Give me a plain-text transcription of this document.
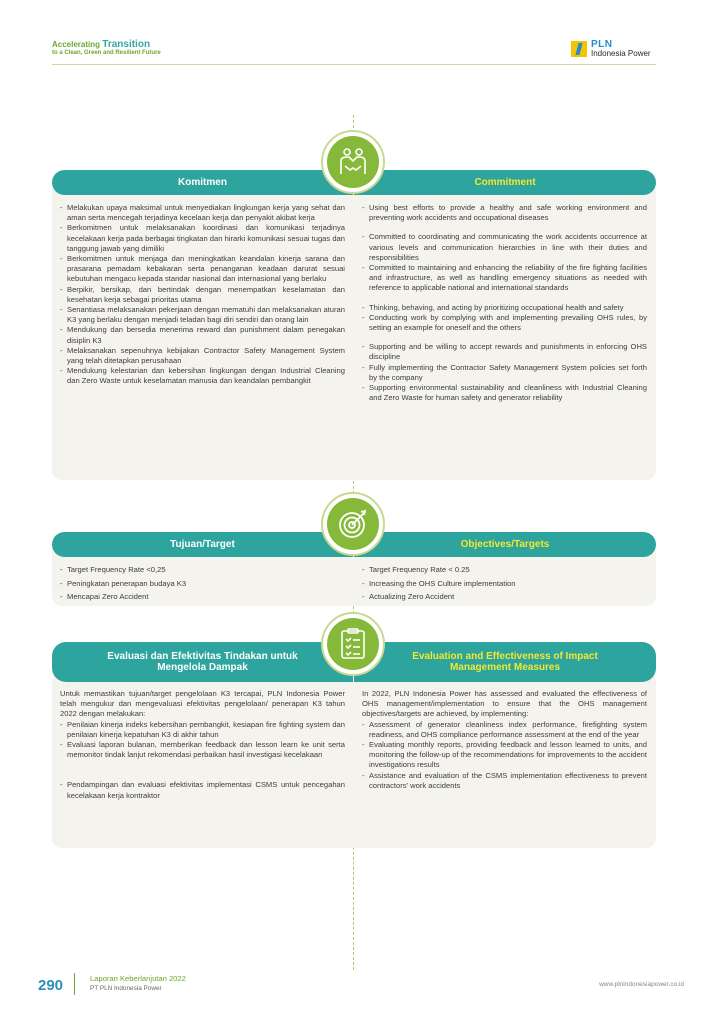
Accelerating Transition
to a Clean, Green and Resilient Future
PLN
Indonesia Power
Komitmen	Commitment
- Melakukan upaya maksimal untuk menyediakan lingkungan kerja yang sehat dan aman serta mencegah terjadinya kecelaan kerja dan penyakit akibat kerja
- Berkomitmen untuk melaksanakan koordinasi dan komunikasi terjadinya kecelakaan kerja pada berbagai tingkatan dan hirarki komunikasi sesuai tugas dan tanggung jawab yang dimiliki
- Berkomitmen untuk menjaga dan meningkatkan keandalan kinerja sarana dan prasarana pemadam kebakaran serta penanganan keadaan darurat sesuai kebutuhan mengacu kepada standar nasional dan internasional yang berlaku
- Berpikir, bersikap, dan bertindak dengan menempatkan keselamatan dan kesehatan kerja sebagai prioritas utama
- Senantiasa melaksanakan pekerjaan dengan mematuhi dan melaksanakan aturan K3 yang berlaku dengan menjadi teladan bagi diri sendiri dan orang lain
- Mendukung dan bersedia menerima reward dan punishment dalam penegakan disiplin K3
- Melaksanakan sepenuhnya kebijakan Contractor Safety Management System yang telah ditetapkan perusahaan
- Mendukung kelestarian dan kebersihan lingkungan dengan Industrial Cleaning dan Zero Waste untuk keselamatan manusia dan keandalan pembangkit
- Using best efforts to provide a healthy and safe working environment and preventing work accidents and occupational diseases
- Committed to coordinating and communicating the work accidents occurrence at various levels and communication hierarchies in line with their duties and responsibilities
- Committed to maintaining and enhancing the reliability of the fire fighting facilities and infrastructure, as well as handling emergency situations as needed with reference to applicable national and international standards
- Thinking, behaving, and acting by prioritizing occupational health and safety
- Conducting work by complying with and implementing prevailing OHS rules, by setting an example for oneself and the others
- Supporting and be willing to accept rewards and punishments in enforcing OHS discipline
- Fully implementing the Contractor Safety Management System policies set forth by the company
- Supporting environmental sustainability and cleanliness with Industrial Cleaning and Zero Waste for human safety and generator reliability
Tujuan/Target	Objectives/Targets
- Target Frequency Rate <0,25
- Peningkatan penerapan budaya K3
- Mencapai Zero Accident
- Target Frequency Rate < 0.25
- Increasing the OHS Culture implementation
- Actualizing Zero Accident
Evaluasi dan Efektivitas Tindakan untuk Mengelola Dampak
Evaluation and Effectiveness of Impact Management Measures
Untuk memastikan tujuan/target pengelolaan K3 tercapai, PLN Indonesia Power telah mengukur dan mengevaluasi efektivitas pengelolaan/ penerapan K3 tahun 2022 dengan melakukan:
- Penilaian kinerja indeks kebersihan pembangkit, kesiapan fire fighting system dan penilaian kinerja kepatuhan K3 di akhir tahun
- Evaluasi laporan bulanan, memberikan feedback dan lesson learn ke unit serta memonitor tindak lanjut rekomendasi perbaikan hasil investigasi kecelakaan
- Pendampingan dan evaluasi efektivitas implementasi CSMS untuk pencegahan kecelakaan kerja kontraktor
In 2022, PLN Indonesia Power has assessed and evaluated the effectiveness of OHS management/implementation to ensure that the OHS management objectives/targets are achieved, by implementing:
- Assessment of generator cleanliness index performance, firefighting system readiness, and OHS compliance performance assessment at the end of the year
- Evaluating monthly reports, providing feedback and lesson learned to units, and monitoring the follow-up of the recommendations for improvements to the accident investigations results
- Assistance and evaluation of the CSMS implementation effectiveness to prevent contractors' work accidents
290	Laporan Keberlanjutan 2022
PT PLN Indonesia Power
www.plnindonesiapower.co.id
